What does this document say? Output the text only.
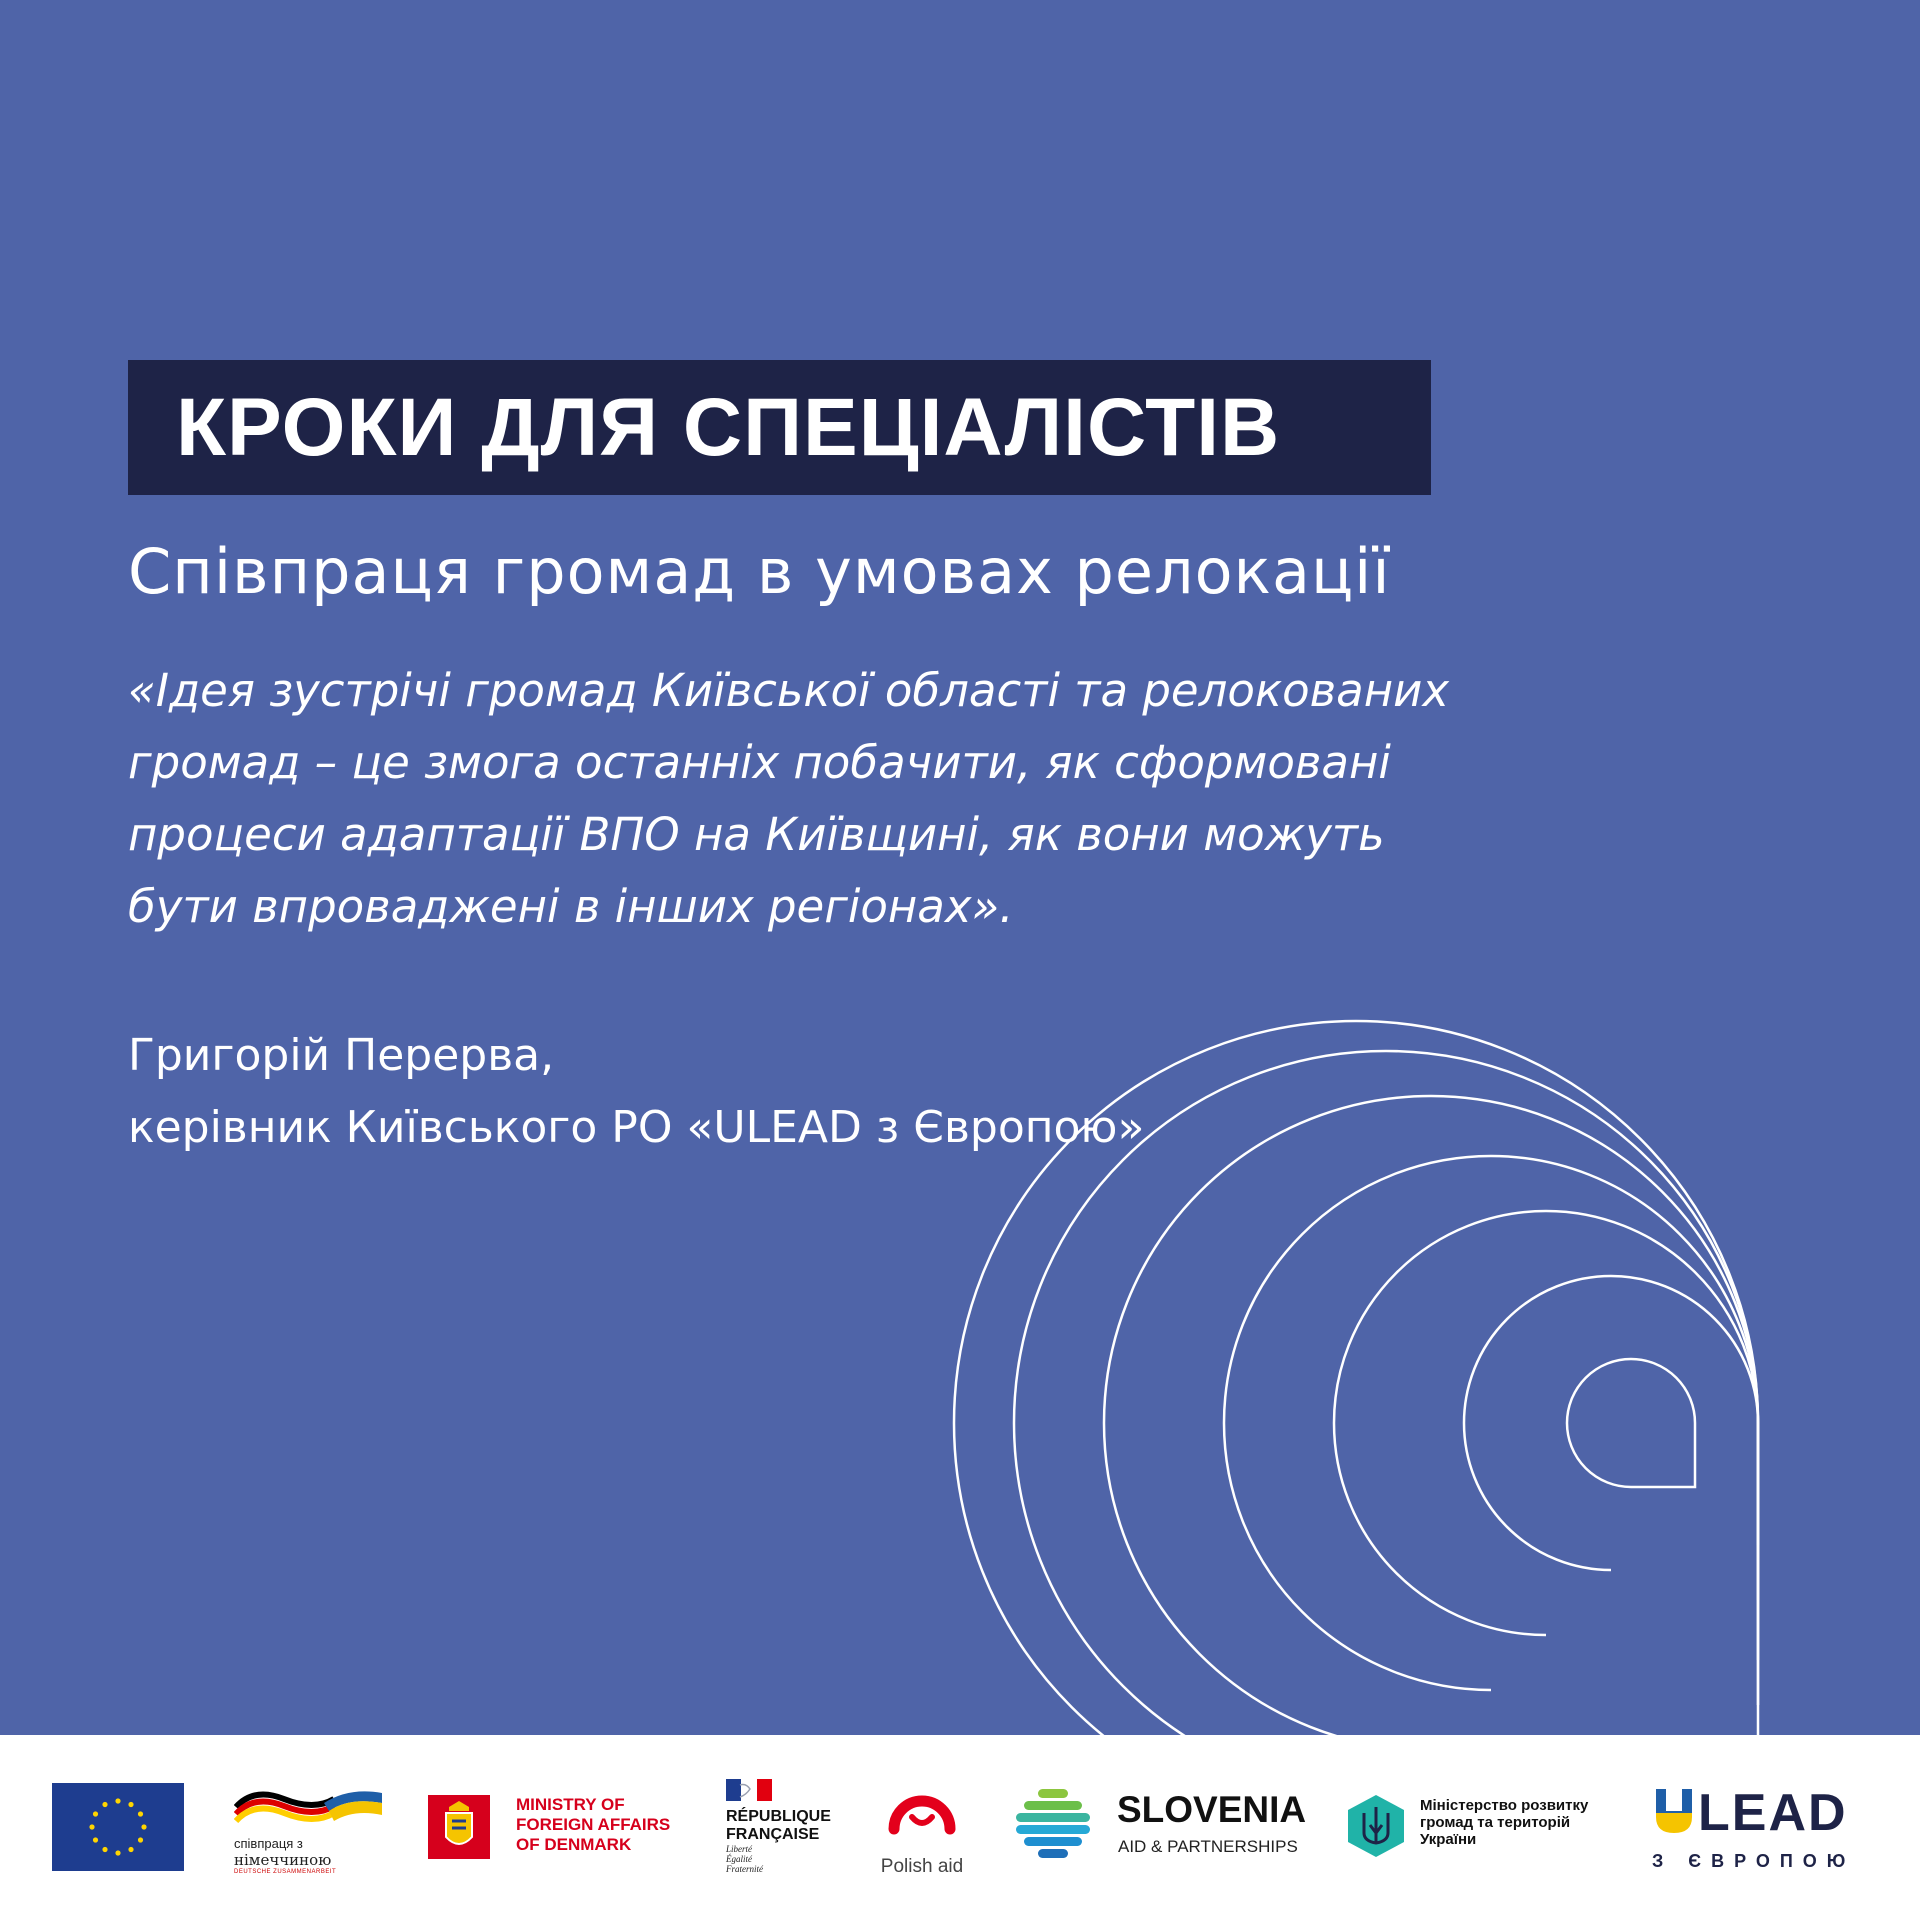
КРОКИ ДЛЯ СПЕЦІАЛІСТІВ
Співпраця громад в умовах релокації
«Ідея зустрічі громад Київської області та релокованих
громад – це змога останніх побачити, як сформовані
процеси адаптації ВПО на Київщині, як вони можуть
бути впроваджені в інших регіонах».
Григорій Перерва,
керівник Київського РО «ULEAD з Європою»
співпраця з
німеччиною
DEUTSCHE ZUSAMMENARBEIT
MINISTRY OF
FOREIGN AFFAIRS
OF DENMARK
RÉPUBLIQUE
FRANÇAISE
Liberté
Égalité
Fraternité	Polish aid
SLOVENIA
AID & PARTNERSHIPS
Міністерство розвитку
громад та територій
України	LEAD
З ЄВРОПОЮ
